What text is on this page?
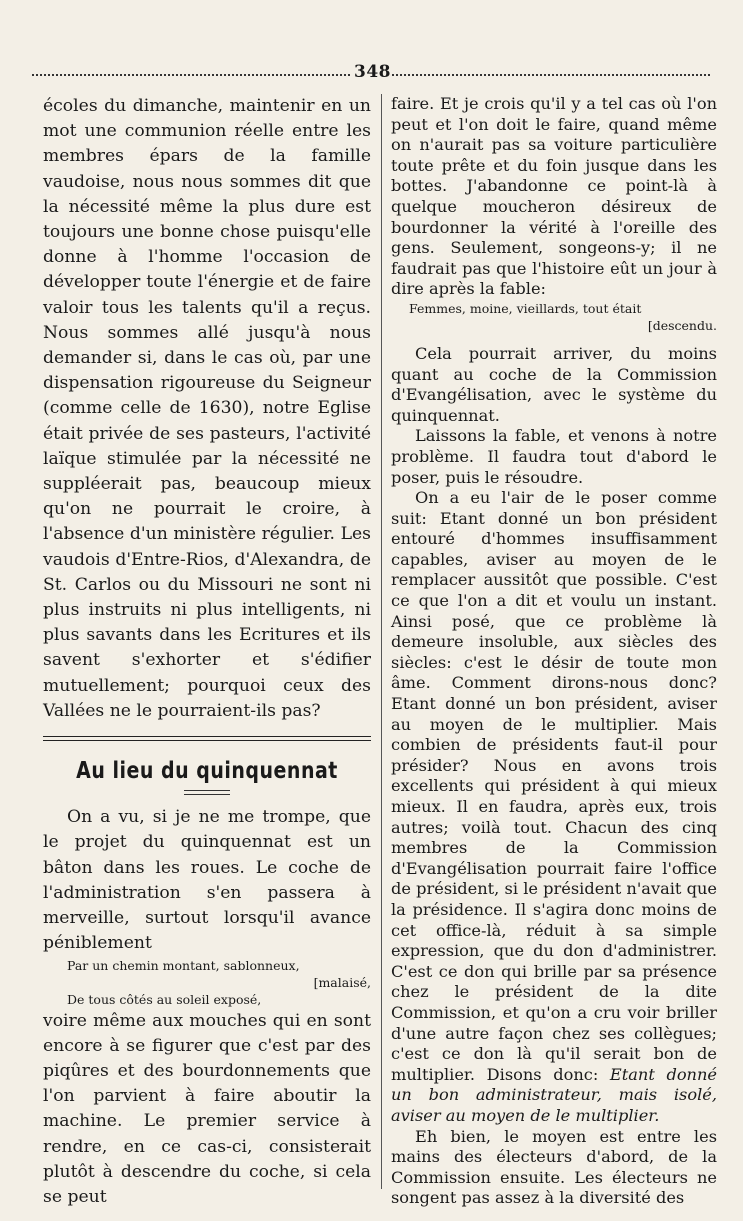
348

écoles du dimanche, maintenir en un mot une communion réelle entre les membres épars de la famille vaudoise, nous nous sommes dit que la nécessité même la plus dure est toujours une bonne chose puisqu'elle donne à l'homme l'occasion de développer toute l'énergie et de faire valoir tous les talents qu'il a reçus. Nous sommes allé jusqu'à nous demander si, dans le cas où, par une dispensation rigoureuse du Seigneur (comme celle de 1630), notre Eglise était privée de ses pasteurs, l'activité laïque stimulée par la nécessité ne suppléerait pas, beaucoup mieux qu'on ne pourrait le croire, à l'absence d'un ministère régulier. Les vaudois d'Entre-Rios, d'Alexandra, de St. Carlos ou du Missouri ne sont ni plus instruits ni plus intelligents, ni plus savants dans les Ecritures et ils savent s'exhorter et s'édifier mutuellement; pourquoi ceux des Vallées ne le pourraient-ils pas?

Au lieu du quinquennat

On a vu, si je ne me trompe, que le projet du quinquennat est un bâton dans les roues. Le coche de l'administration s'en passera à merveille, surtout lorsqu'il avance péniblement

Par un chemin montant, sablonneux,
[malaisé,
De tous côtés au soleil exposé,

voire même aux mouches qui en sont encore à se figurer que c'est par des piqûres et des bourdonnements que l'on parvient à faire aboutir la machine. Le premier service à rendre, en ce cas-ci, consisterait plutôt à descendre du coche, si cela se peut

faire. Et je crois qu'il y a tel cas où l'on peut et l'on doit le faire, quand même on n'aurait pas sa voiture particulière toute prête et du foin jusque dans les bottes. J'abandonne ce point-là à quelque moucheron désireux de bourdonner la vérité à l'oreille des gens. Seulement, songeons-y; il ne faudrait pas que l'histoire eût un jour à dire après la fable:

Femmes, moine, vieillards, tout était
[descendu.

Cela pourrait arriver, du moins quant au coche de la Commission d'Evangélisation, avec le système du quinquennat.

Laissons la fable, et venons à notre problème. Il faudra tout d'abord le poser, puis le résoudre.

On a eu l'air de le poser comme suit: Etant donné un bon président entouré d'hommes insuffisamment capables, aviser au moyen de le remplacer aussitôt que possible. C'est ce que l'on a dit et voulu un instant. Ainsi posé, que ce problème là demeure insoluble, aux siècles des siècles: c'est le désir de toute mon âme. Comment dirons-nous donc? Etant donné un bon président, aviser au moyen de le multiplier. Mais combien de présidents faut-il pour présider? Nous en avons trois excellents qui président à qui mieux mieux. Il en faudra, après eux, trois autres; voilà tout. Chacun des cinq membres de la Commission d'Evangélisation pourrait faire l'office de président, si le président n'avait que la présidence. Il s'agira donc moins de cet office-là, réduit à sa simple expression, que du don d'administrer. C'est ce don qui brille par sa présence chez le président de la dite Commission, et qu'on a cru voir briller d'une autre façon chez ses collègues; c'est ce don là qu'il serait bon de multiplier. Disons donc: Etant donné un bon administrateur, mais isolé, aviser au moyen de le multiplier.

Eh bien, le moyen est entre les mains des électeurs d'abord, de la Commission ensuite. Les électeurs ne songent pas assez à la diversité des
